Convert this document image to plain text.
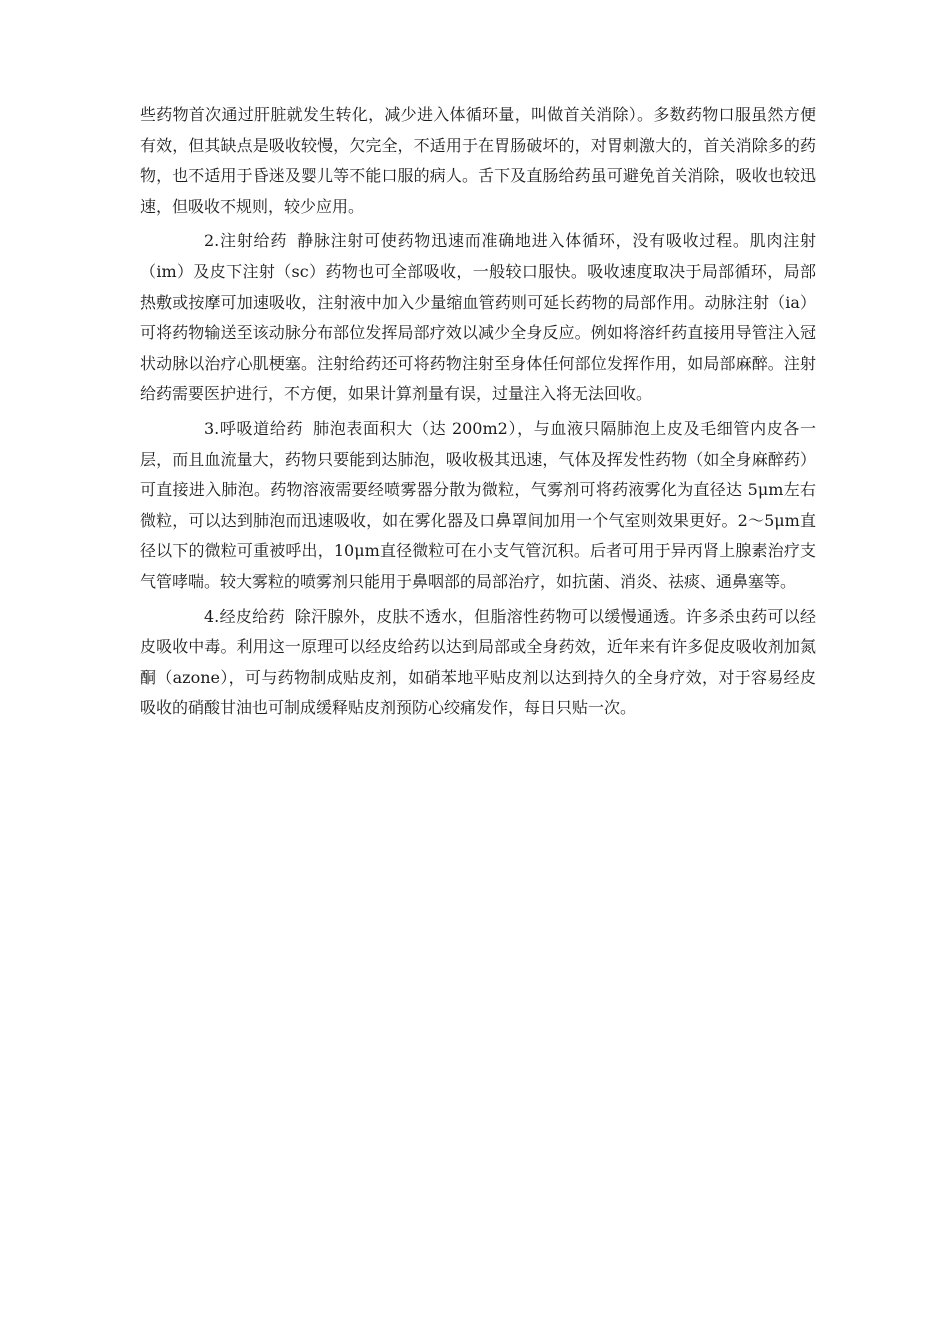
些药物首次通过肝脏就发生转化，减少进入体循环量，叫做首关消除）。多数药物口服虽然方便有效，但其缺点是吸收较慢，欠完全，不适用于在胃肠破坏的，对胃刺激大的，首关消除多的药物，也不适用于昏迷及婴儿等不能口服的病人。舌下及直肠给药虽可避免首关消除，吸收也较迅速，但吸收不规则，较少应用。

2.注射给药 静脉注射可使药物迅速而准确地进入体循环，没有吸收过程。肌肉注射（im）及皮下注射（sc）药物也可全部吸收，一般较口服快。吸收速度取决于局部循环，局部热敷或按摩可加速吸收，注射液中加入少量缩血管药则可延长药物的局部作用。动脉注射（ia）可将药物输送至该动脉分布部位发挥局部疗效以减少全身反应。例如将溶纤药直接用导管注入冠状动脉以治疗心肌梗塞。注射给药还可将药物注射至身体任何部位发挥作用，如局部麻醉。注射给药需要医护进行，不方便，如果计算剂量有误，过量注入将无法回收。

3.呼吸道给药 肺泡表面积大（达 200m2），与血液只隔肺泡上皮及毛细管内皮各一层，而且血流量大，药物只要能到达肺泡，吸收极其迅速，气体及挥发性药物（如全身麻醉药）可直接进入肺泡。药物溶液需要经喷雾器分散为微粒，气雾剂可将药液雾化为直径达 5μm左右微粒，可以达到肺泡而迅速吸收，如在雾化器及口鼻罩间加用一个气室则效果更好。2～5μm直径以下的微粒可重被呼出，10μm直径微粒可在小支气管沉积。后者可用于异丙肾上腺素治疗支气管哮喘。较大雾粒的喷雾剂只能用于鼻咽部的局部治疗，如抗菌、消炎、祛痰、通鼻塞等。

4.经皮给药 除汗腺外，皮肤不透水，但脂溶性药物可以缓慢通透。许多杀虫药可以经皮吸收中毒。利用这一原理可以经皮给药以达到局部或全身药效，近年来有许多促皮吸收剂加氮酮（azone），可与药物制成贴皮剂，如硝苯地平贴皮剂以达到持久的全身疗效，对于容易经皮吸收的硝酸甘油也可制成缓释贴皮剂预防心绞痛发作，每日只贴一次。
